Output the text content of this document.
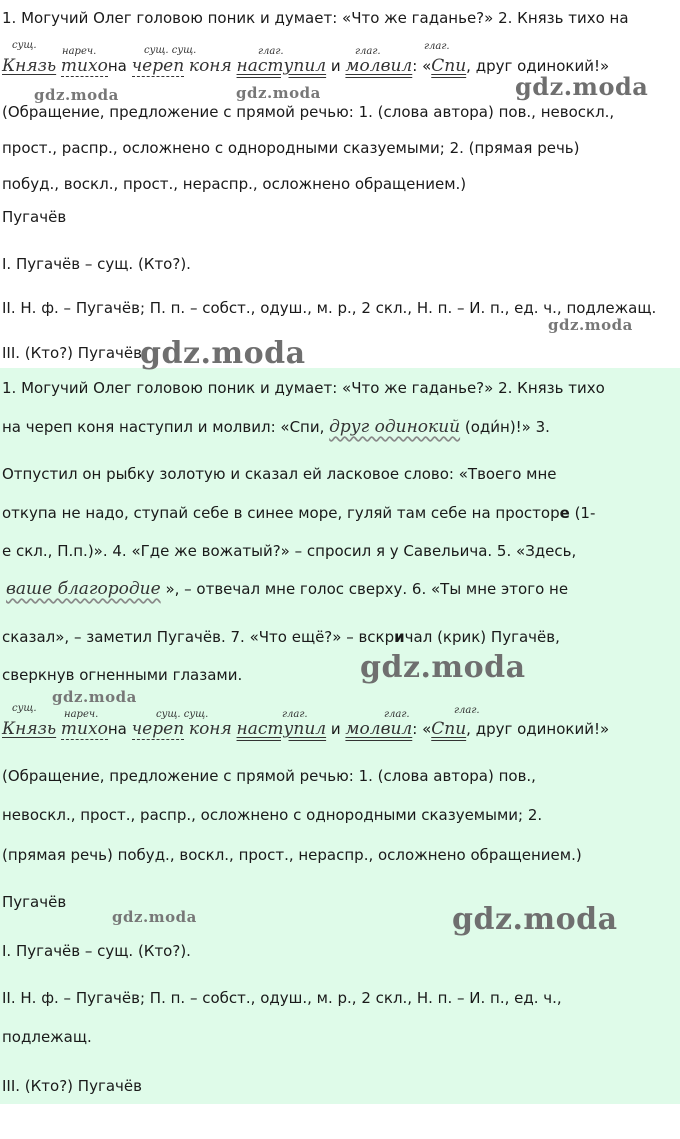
1. Могучий Олег головою поник и думает: «Что же гаданье?» 2. Князь тихо на
сущ.
нареч.	сущ. сущ.	глаг.	глаг.	глаг.
Князь тихона череп коня наступил и молвил: «Спи, друг одинокий!»
gdz.moda	gdz.moda	gdz.moda
(Обращение, предложение с прямой речью: 1. (слова автора) пов., невоскл.,
прост., распр., осложнено с однородными сказуемыми; 2. (прямая речь)
побуд., воскл., прост., нераспр., осложнено обращением.)
Пугачёв
I. Пугачёв – сущ. (Кто?).
II. Н. ф. – Пугачёв; П. п. – собст., одуш., м. р., 2 скл., Н. п. – И. п., ед. ч., подлежащ.
gdz.moda
III. (Кто?) Пугачёв
gdz.moda
1. Могучий Олег головою поник и думает: «Что же гаданье?» 2. Князь тихо
на череп коня наступил и молвил: «Спи, друг одинокий (оди́н)!» 3.
Отпустил он рыбку золотую и сказал ей ласковое слово: «Твоего мне
откупа не надо, ступай себе в синее море, гуляй там себе на просторе (1-
е скл., П.п.)». 4. «Где же вожатый?» – спросил я у Савельича. 5. «Здесь,
ваше благородие », – отвечал мне голос сверху. 6. «Ты мне этого не
сказал», – заметил Пугачёв. 7. «Что ещё?» – вскричал (крик) Пугачёв,
сверкнув огненными глазами.	gdz.moda
gdz.moda
сущ.
нареч.	сущ. сущ.	глаг.	глаг.	глаг.
Князь тихона череп коня наступил и молвил: «Спи, друг одинокий!»
(Обращение, предложение с прямой речью: 1. (слова автора) пов.,
невоскл., прост., распр., осложнено с однородными сказуемыми; 2.
(прямая речь) побуд., воскл., прост., нераспр., осложнено обращением.)
Пугачёв
gdz.moda	gdz.moda
I. Пугачёв – сущ. (Кто?).
II. Н. ф. – Пугачёв; П. п. – собст., одуш., м. р., 2 скл., Н. п. – И. п., ед. ч.,
подлежащ.
III. (Кто?) Пугачёв
